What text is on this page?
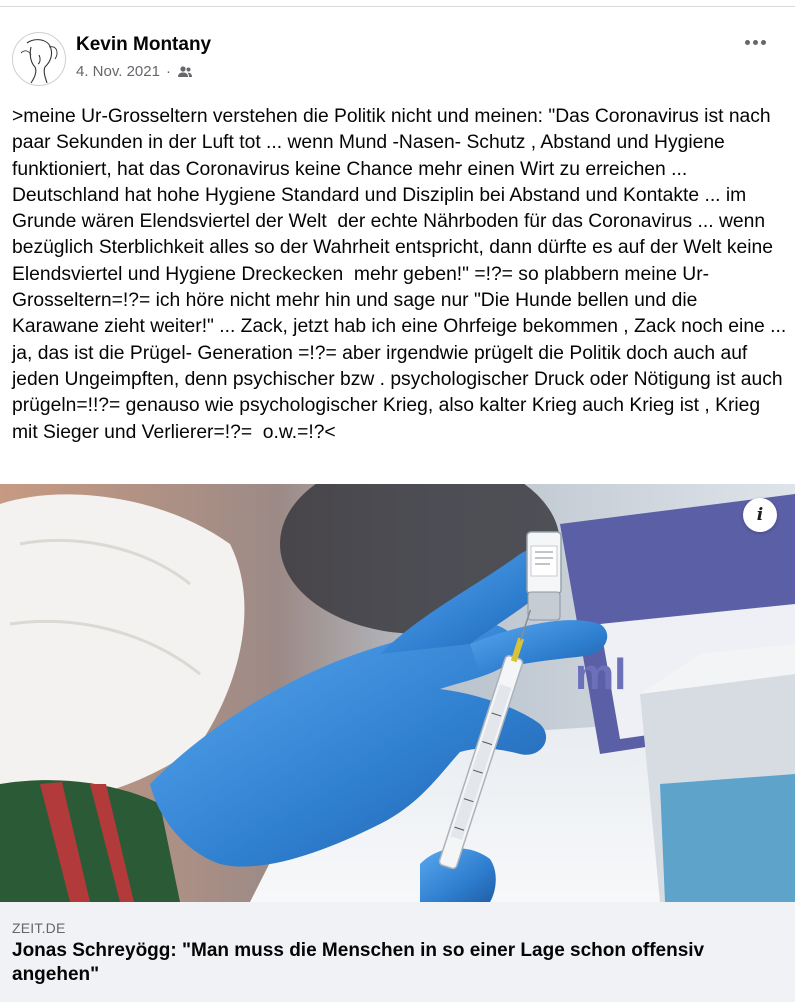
Kevin Montany
4. Nov. 2021 ·

>meine Ur-Grosseltern verstehen die Politik nicht und meinen: "Das Coronavirus ist nach paar Sekunden in der Luft tot ... wenn Mund -Nasen- Schutz , Abstand und Hygiene funktioniert, hat das Coronavirus keine Chance mehr einen Wirt zu erreichen ... Deutschland hat hohe Hygiene Standard und Disziplin bei Abstand und Kontakte ... im Grunde wären Elendsviertel der Welt  der echte Nährboden für das Coronavirus ... wenn bezüglich Sterblichkeit alles so der Wahrheit entspricht, dann dürfte es auf der Welt keine Elendsviertel und Hygiene Dreckecken  mehr geben!" =!?= so plabbern meine Ur-Grosseltern=!?= ich höre nicht mehr hin und sage nur "Die Hunde bellen und die Karawane zieht weiter!" ... Zack, jetzt hab ich eine Ohrfeige bekommen , Zack noch eine ... ja, das ist die Prügel- Generation =!?= aber irgendwie prügelt die Politik doch auch auf jeden Ungeimpften, denn psychischer bzw . psychologischer Druck oder Nötigung ist auch prügeln=!!?= genauso wie psychologischer Krieg, also kalter Krieg auch Krieg ist , Krieg mit Sieger und Verlierer=!?=  o.w.=!?<

ml
i
ZEIT.DE
Jonas Schreyögg: "Man muss die Menschen in so einer Lage schon offensiv angehen"
